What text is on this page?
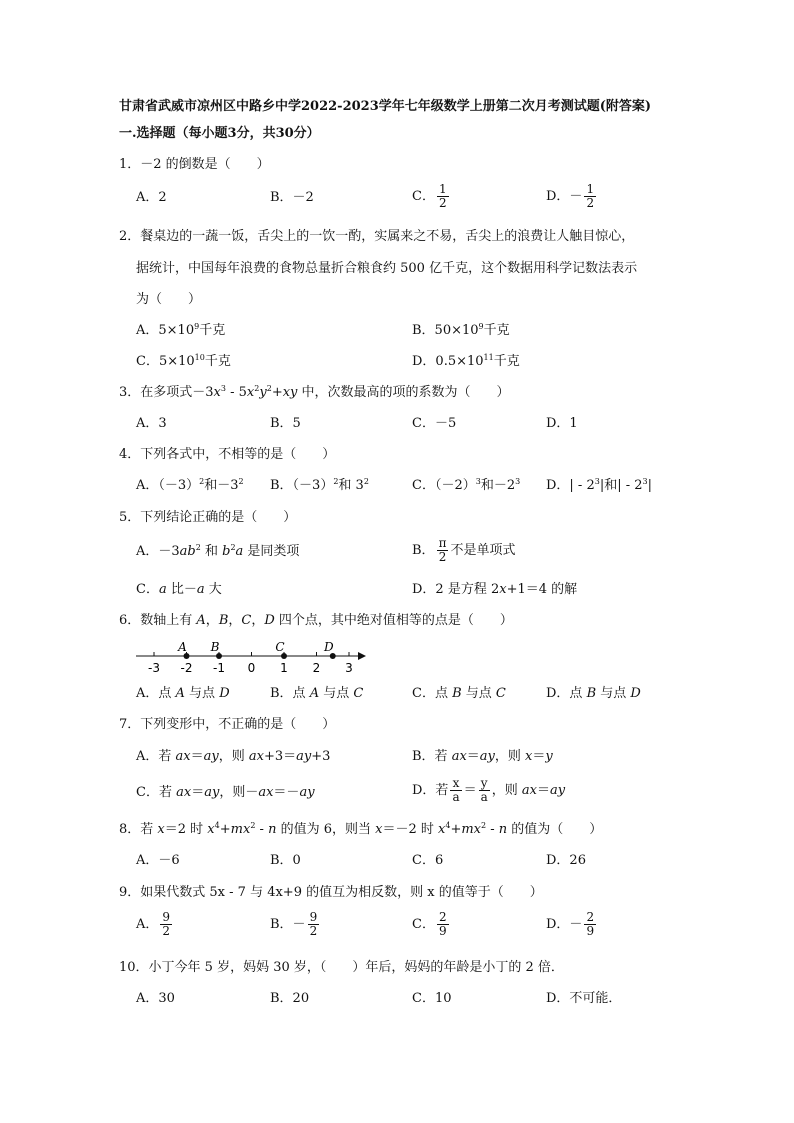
甘肃省武威市凉州区中路乡中学2022-2023学年七年级数学上册第二次月考测试题(附答案)
一.选择题（每小题3分，共30分）
1．－2 的倒数是（　　）
A．2	B．－2	C． $\frac{1}{2}$	D．－ $\frac{1}{2}$
2．餐桌边的一蔬一饭，舌尖上的一饮一酌，实属来之不易，舌尖上的浪费让人触目惊心，
据统计，中国每年浪费的食物总量折合粮食约 500 亿千克，这个数据用科学记数法表示
为（　　）
A．$5\times 10^9$千克	B．$50\times 10^9$千克
C．$5\times 10^{10}$千克	D．$0.5\times 10^{11}$千克
3．在多项式$-3x^3 - 5x^2y^2+xy$ 中，次数最高的项的系数为（　　）
A．3	B．5	C．－5	D．1
4．下列各式中，不相等的是（　　）
A．$(-3)^2$和$-3^2$ B．$(-3)^2$和 $3^2$	C．$(-2)^3$和$-2^3$ D．| - $2^3|$和| - $2^3|$
5．下列结论正确的是（　　）
A．$-3ab^2$ 和 $b^2a$ 是同类项	B． $\frac{\pi}{2}$ 不是单项式
C．a 比－a 大	D．2 是方程 2x+1＝4 的解
6．数轴上有 A，B，C，D 四个点，其中绝对值相等的点是（　　）
-3 -2 -1 0 1 2 3
A B	C	D
A．点 A 与点 D	B．点 A 与点 C	C．点 B 与点 C	D．点 B 与点 D
7．下列变形中，不正确的是（　　）
A．若 ax＝ay，则 ax+3＝ay+3	B．若 ax＝ay，则 x＝y
C．若 ax＝ay，则－ax＝－ay	D．若 $\frac{x}{a} = \frac{y}{a}$ ，则 ax＝ay
8．若 x＝2 时 $x^4+mx^2 - n$ 的值为 6，则当 x＝－2 时 $x^4+mx^2 - n$ 的值为（　　）
A．－6	B．0	C．6	D．26
9．如果代数式 5x - 7 与 4x+9 的值互为相反数，则 x 的值等于（　　）
A． $\frac{9}{2}$	B．－ $\frac{9}{2}$	C． $\frac{2}{9}$	D．－ $\frac{2}{9}$
10．小丁今年 5 岁，妈妈 30 岁，（　　）年后，妈妈的年龄是小丁的 2 倍．
A．30	B．20	C．10	D．不可能．
